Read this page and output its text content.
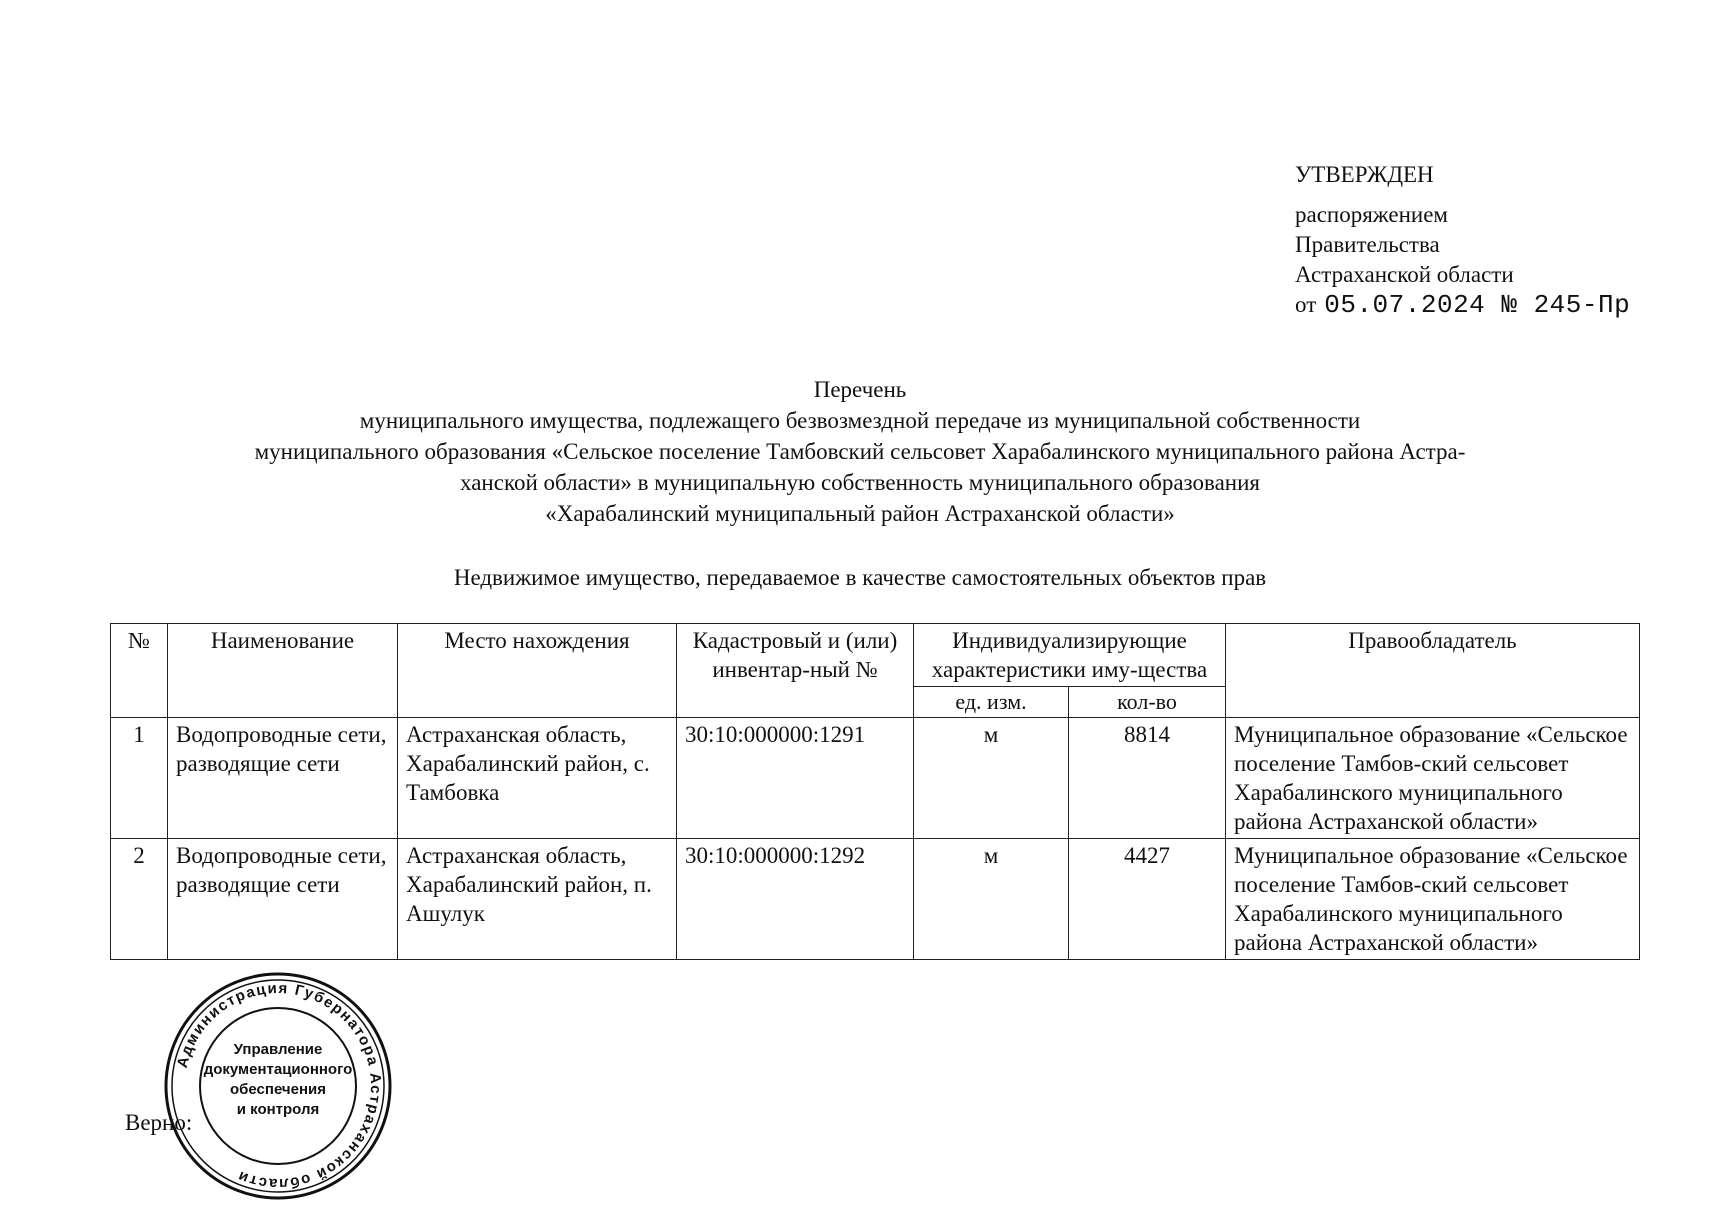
УТВЕРЖДЕН
распоряжением
Правительства
Астраханской области
от 05.07.2024 № 245-Пр
Перечень
муниципального имущества, подлежащего безвозмездной передаче из муниципальной собственности
муниципального образования «Сельское поселение Тамбовский сельсовет Харабалинского муниципального района Астра-
ханской области» в муниципальную собственность муниципального образования
«Харабалинский муниципальный район Астраханской области»
Недвижимое имущество, передаваемое в качестве самостоятельных объектов прав
№	Наименование	Место нахождения	Кадастровый и (или) инвентар-ный №	Индивидуализирующие характеристики иму-щества		Правообладатель
				ед. изм.	кол-во	
1	Водопроводные сети, разводящие сети	Астраханская область, Харабалинский район, с. Тамбовка	30:10:000000:1291	м	8814	Муниципальное образование «Сельское поселение Тамбов-ский сельсовет Харабалинского муниципального района Астраханской области»
2	Водопроводные сети, разводящие сети	Астраханская область, Харабалинский район, п. Ашулук	30:10:000000:1292	м	4427	Муниципальное образование «Сельское поселение Тамбов-ский сельсовет Харабалинского муниципального района Астраханской области»
Верно:
Администрация Губернатора Астраханской области
Управление
документационного
обеспечения
и контроля
